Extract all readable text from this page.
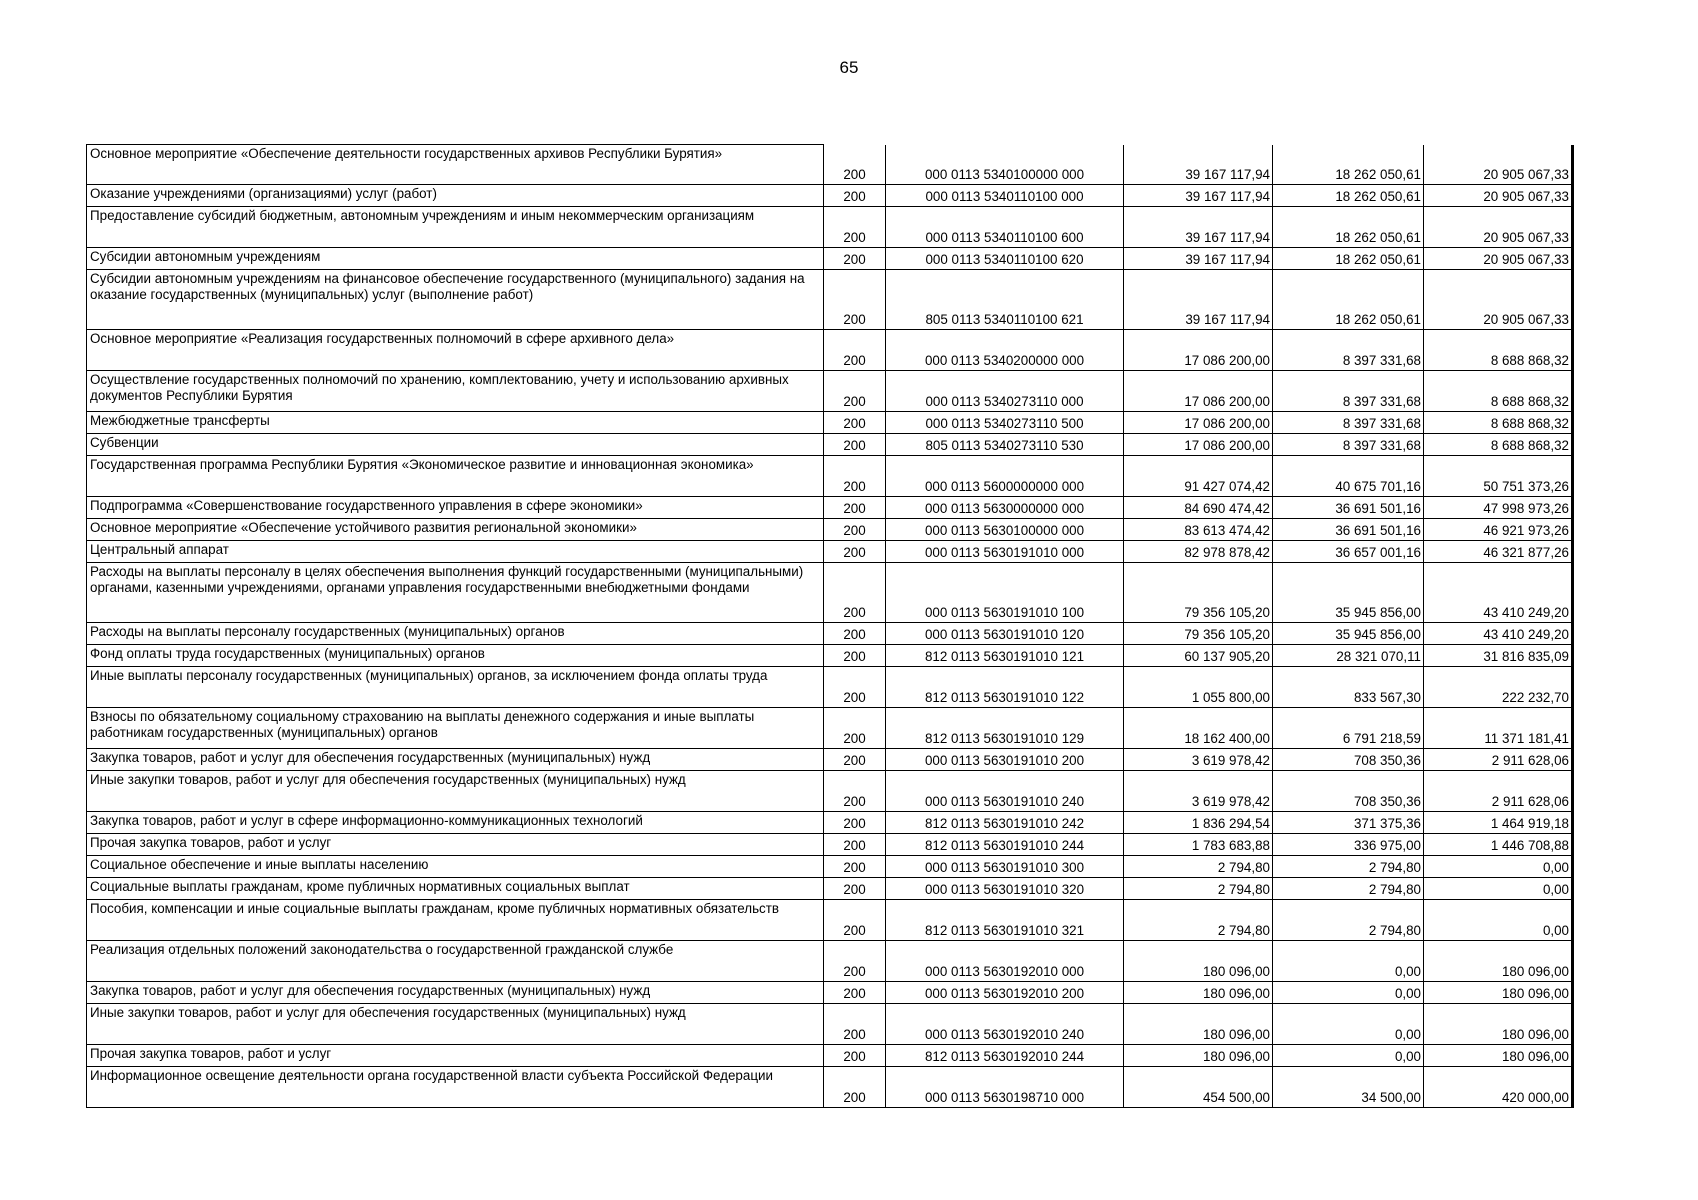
65
Основное мероприятие «Обеспечение деятельности государственных архивов Республики Бурятия»	200	000 0113 5340100000 000	39 167 117,94	18 262 050,61	20 905 067,33
Оказание учреждениями (организациями) услуг (работ)	200	000 0113 5340110100 000	39 167 117,94	18 262 050,61	20 905 067,33
Предоставление субсидий бюджетным, автономным учреждениям и иным некоммерческим организациям	200	000 0113 5340110100 600	39 167 117,94	18 262 050,61	20 905 067,33
Субсидии автономным учреждениям	200	000 0113 5340110100 620	39 167 117,94	18 262 050,61	20 905 067,33
Субсидии автономным учреждениям на финансовое обеспечение государственного (муниципального) задания на оказание государственных (муниципальных) услуг (выполнение работ)	200	805 0113 5340110100 621	39 167 117,94	18 262 050,61	20 905 067,33
Основное мероприятие «Реализация государственных полномочий в сфере архивного дела»	200	000 0113 5340200000 000	17 086 200,00	8 397 331,68	8 688 868,32
Осуществление государственных полномочий по хранению, комплектованию, учету и использованию архивных документов Республики Бурятия	200	000 0113 5340273110 000	17 086 200,00	8 397 331,68	8 688 868,32
Межбюджетные трансферты	200	000 0113 5340273110 500	17 086 200,00	8 397 331,68	8 688 868,32
Субвенции	200	805 0113 5340273110 530	17 086 200,00	8 397 331,68	8 688 868,32
Государственная программа Республики Бурятия «Экономическое развитие и инновационная экономика»	200	000 0113 5600000000 000	91 427 074,42	40 675 701,16	50 751 373,26
Подпрограмма «Совершенствование государственного управления в сфере экономики»	200	000 0113 5630000000 000	84 690 474,42	36 691 501,16	47 998 973,26
Основное мероприятие «Обеспечение устойчивого развития региональной экономики»	200	000 0113 5630100000 000	83 613 474,42	36 691 501,16	46 921 973,26
Центральный аппарат	200	000 0113 5630191010 000	82 978 878,42	36 657 001,16	46 321 877,26
Расходы на выплаты персоналу в целях обеспечения выполнения функций государственными (муниципальными) органами, казенными учреждениями, органами управления государственными внебюджетными фондами	200	000 0113 5630191010 100	79 356 105,20	35 945 856,00	43 410 249,20
Расходы на выплаты персоналу государственных (муниципальных) органов	200	000 0113 5630191010 120	79 356 105,20	35 945 856,00	43 410 249,20
Фонд оплаты труда государственных (муниципальных) органов	200	812 0113 5630191010 121	60 137 905,20	28 321 070,11	31 816 835,09
Иные выплаты персоналу государственных (муниципальных) органов, за исключением фонда оплаты труда	200	812 0113 5630191010 122	1 055 800,00	833 567,30	222 232,70
Взносы по обязательному социальному страхованию на выплаты денежного содержания и иные выплаты работникам государственных (муниципальных) органов	200	812 0113 5630191010 129	18 162 400,00	6 791 218,59	11 371 181,41
Закупка товаров, работ и услуг для обеспечения государственных (муниципальных) нужд	200	000 0113 5630191010 200	3 619 978,42	708 350,36	2 911 628,06
Иные закупки товаров, работ и услуг для обеспечения государственных (муниципальных) нужд	200	000 0113 5630191010 240	3 619 978,42	708 350,36	2 911 628,06
Закупка товаров, работ и услуг в сфере информационно-коммуникационных технологий	200	812 0113 5630191010 242	1 836 294,54	371 375,36	1 464 919,18
Прочая закупка товаров, работ и услуг	200	812 0113 5630191010 244	1 783 683,88	336 975,00	1 446 708,88
Социальное обеспечение и иные выплаты населению	200	000 0113 5630191010 300	2 794,80	2 794,80	0,00
Социальные выплаты гражданам, кроме публичных нормативных социальных выплат	200	000 0113 5630191010 320	2 794,80	2 794,80	0,00
Пособия, компенсации и иные социальные выплаты гражданам, кроме публичных нормативных обязательств	200	812 0113 5630191010 321	2 794,80	2 794,80	0,00
Реализация отдельных положений законодательства о государственной гражданской службе	200	000 0113 5630192010 000	180 096,00	0,00	180 096,00
Закупка товаров, работ и услуг для обеспечения государственных (муниципальных) нужд	200	000 0113 5630192010 200	180 096,00	0,00	180 096,00
Иные закупки товаров, работ и услуг для обеспечения государственных (муниципальных) нужд	200	000 0113 5630192010 240	180 096,00	0,00	180 096,00
Прочая закупка товаров, работ и услуг	200	812 0113 5630192010 244	180 096,00	0,00	180 096,00
Информационное освещение деятельности органа государственной власти субъекта Российской Федерации	200	000 0113 5630198710 000	454 500,00	34 500,00	420 000,00
